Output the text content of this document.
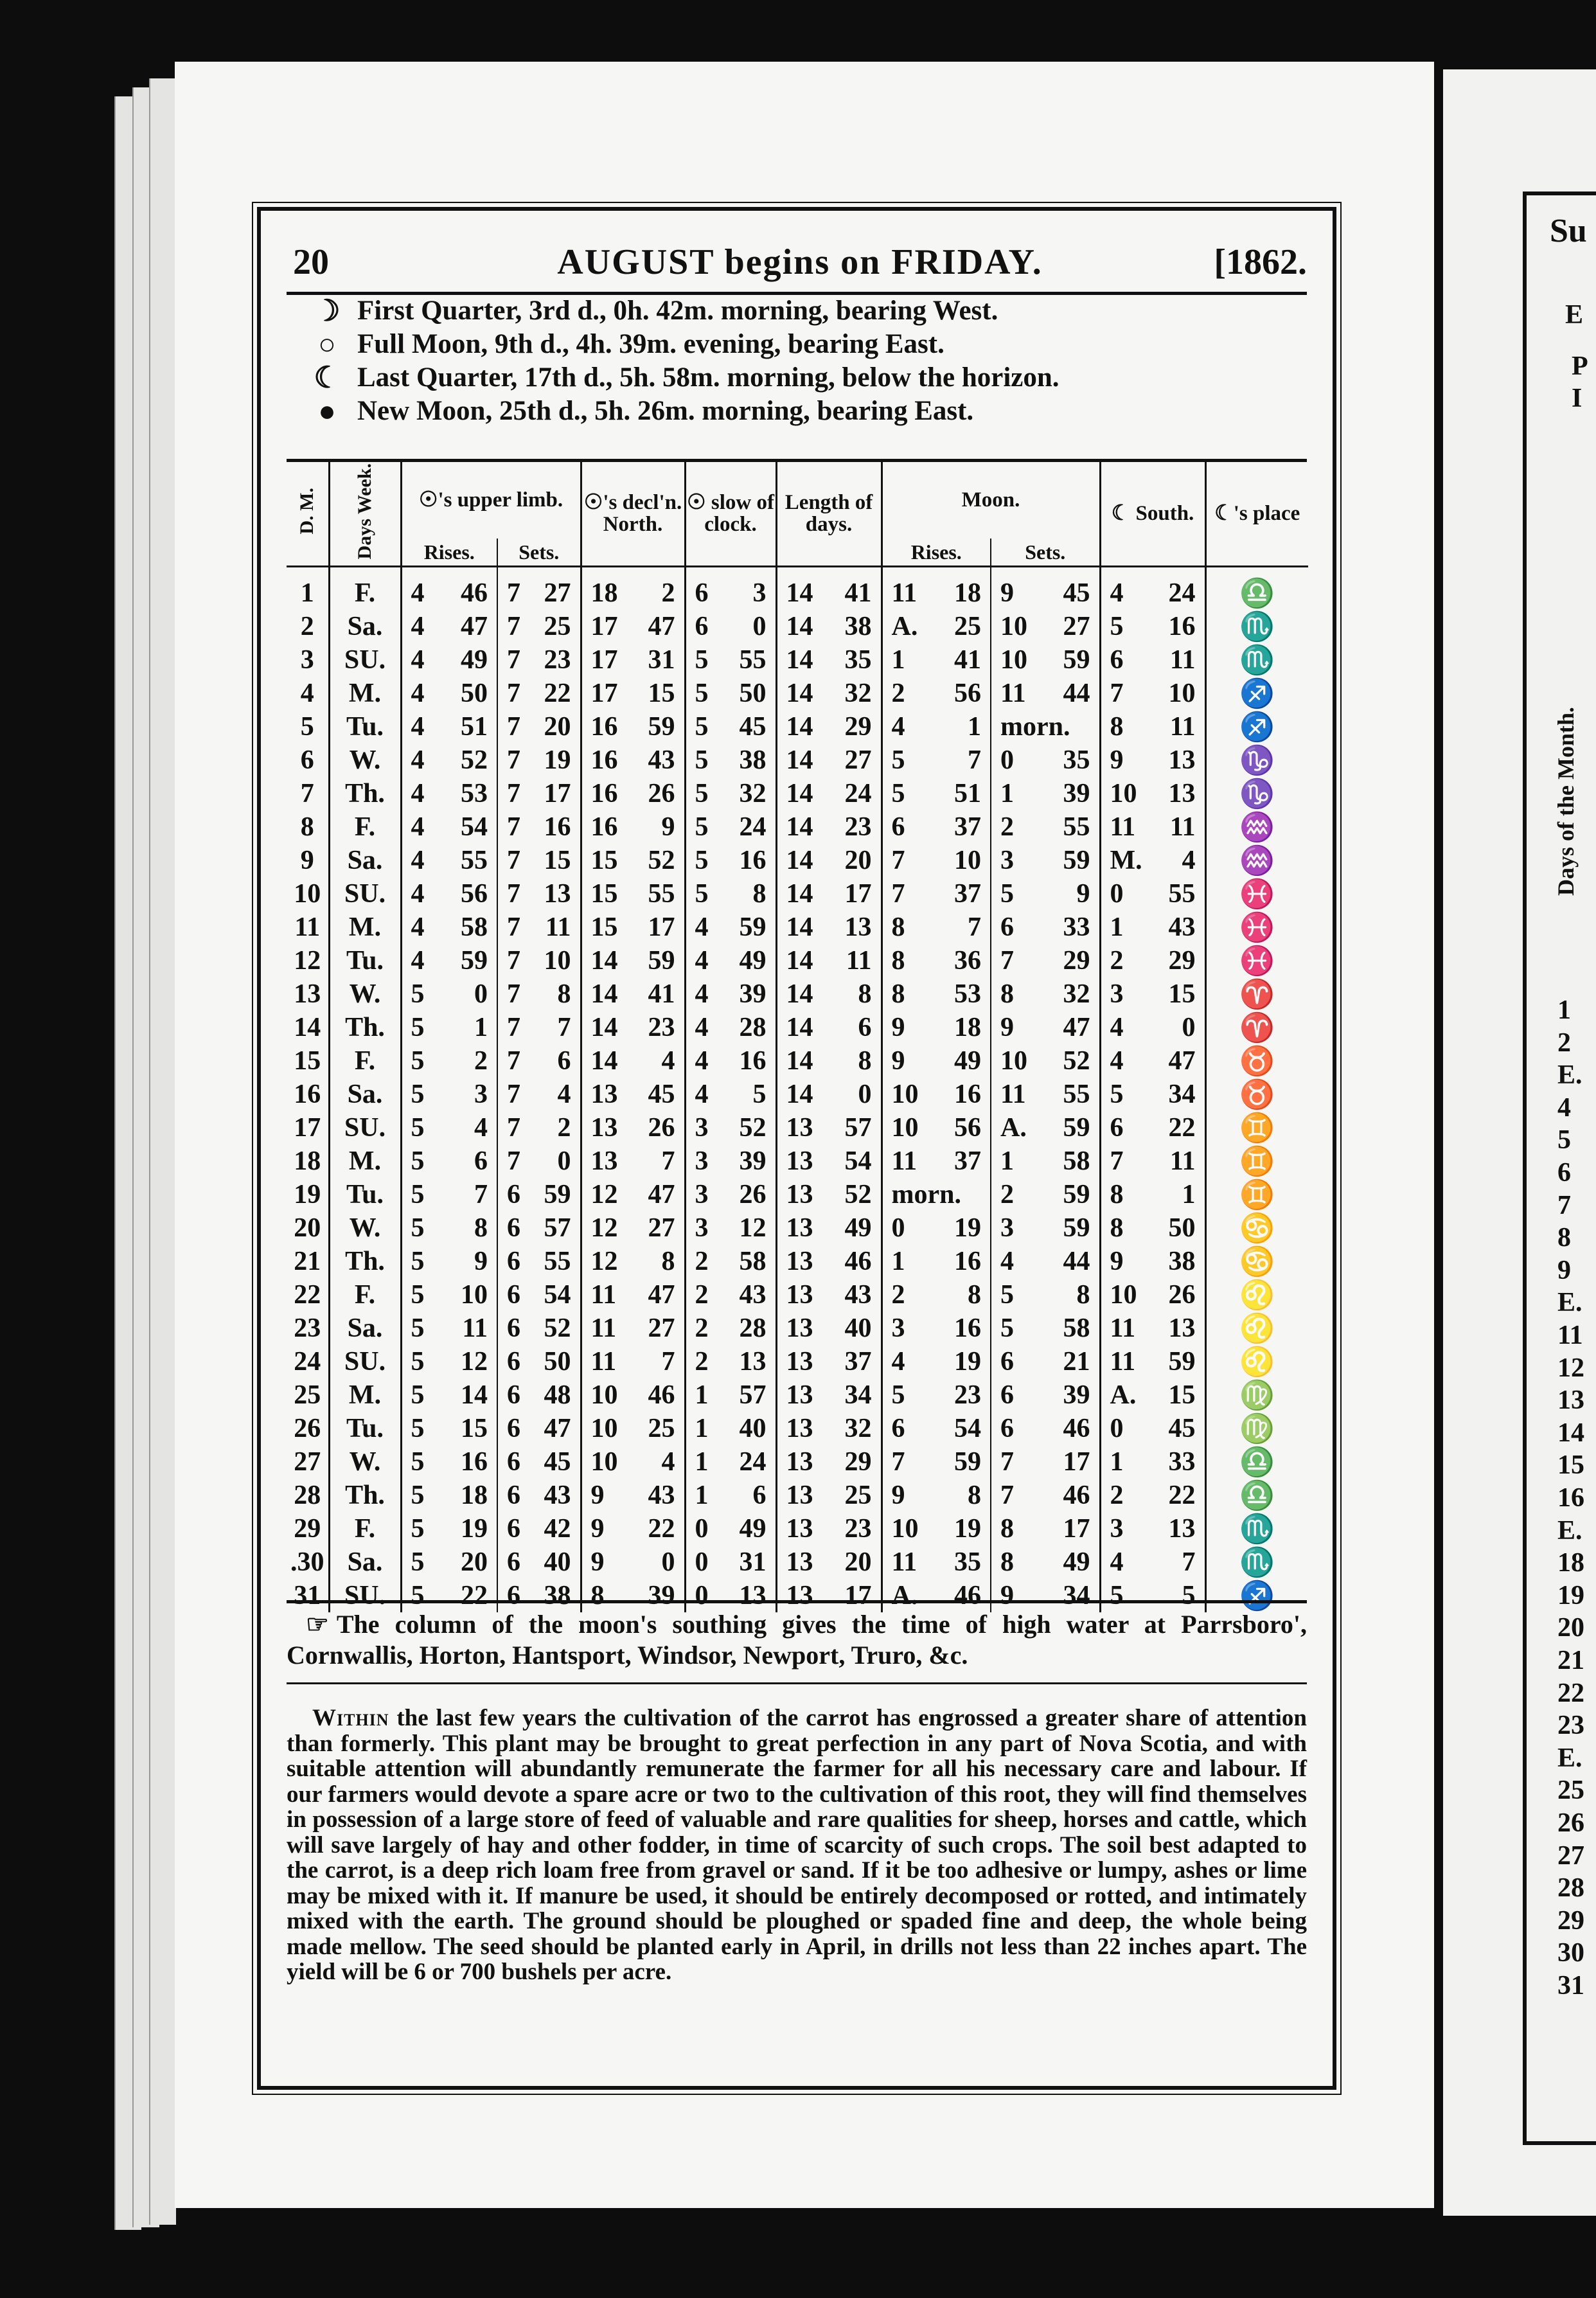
20	AUGUST begins on FRIDAY.	[1862.
☽ First Quarter, 3rd d., 0h. 42m. morning, bearing West.
○ Full Moon, 9th d., 4h. 39m. evening, bearing East.
☾ Last Quarter, 17th d., 5h. 58m. morning, below the horizon.
● New Moon, 25th d., 5h. 26m. morning, bearing East.
D. M.	Days Week.	☉'s upper limb.		☉'s decl'n. North.	☉ slow of clock.	Length of days.	Moon.		☾ South.	☾'s place
		Rises.	Sets.				Rises.	Sets.		
1	F.	4 46	7 27	18 2	6 3	14 41	11 18	9 45	4 24	♎
2	Sa.	4 47	7 25	17 47	6 0	14 38	A. 25	10 27	5 16	♏
3	SU.	4 49	7 23	17 31	5 55	14 35	1 41	10 59	6 11	♏
4	M.	4 50	7 22	17 15	5 50	14 32	2 56	11 44	7 10	♐
5	Tu.	4 51	7 20	16 59	5 45	14 29	4 1	morn.	8 11	♐
6	W.	4 52	7 19	16 43	5 38	14 27	5 7	0 35	9 13	♑
7	Th.	4 53	7 17	16 26	5 32	14 24	5 51	1 39	10 13	♑
8	F.	4 54	7 16	16 9	5 24	14 23	6 37	2 55	11 11	♒
9	Sa.	4 55	7 15	15 52	5 16	14 20	7 10	3 59	M. 4	♒
10	SU.	4 56	7 13	15 55	5 8	14 17	7 37	5 9	0 55	♓
11	M.	4 58	7 11	15 17	4 59	14 13	8 7	6 33	1 43	♓
12	Tu.	4 59	7 10	14 59	4 49	14 11	8 36	7 29	2 29	♓
13	W.	5 0	7 8	14 41	4 39	14 8	8 53	8 32	3 15	♈
14	Th.	5 1	7 7	14 23	4 28	14 6	9 18	9 47	4 0	♈
15	F.	5 2	7 6	14 4	4 16	14 8	9 49	10 52	4 47	♉
16	Sa.	5 3	7 4	13 45	4 5	14 0	10 16	11 55	5 34	♉
17	SU.	5 4	7 2	13 26	3 52	13 57	10 56	A. 59	6 22	♊
18	M.	5 6	7 0	13 7	3 39	13 54	11 37	1 58	7 11	♊
19	Tu.	5 7	6 59	12 47	3 26	13 52	morn.	2 59	8 1	♊
20	W.	5 8	6 57	12 27	3 12	13 49	0 19	3 59	8 50	♋
21	Th.	5 9	6 55	12 8	2 58	13 46	1 16	4 44	9 38	♋
22	F.	5 10	6 54	11 47	2 43	13 43	2 8	5 8	10 26	♌
23	Sa.	5 11	6 52	11 27	2 28	13 40	3 16	5 58	11 13	♌
24	SU.	5 12	6 50	11 7	2 13	13 37	4 19	6 21	11 59	♌
25	M.	5 14	6 48	10 46	1 57	13 34	5 23	6 39	A. 15	♍
26	Tu.	5 15	6 47	10 25	1 40	13 32	6 54	6 46	0 45	♍
27	W.	5 16	6 45	10 4	1 24	13 29	7 59	7 17	1 33	♎
28	Th.	5 18	6 43	9 43	1 6	13 25	9 8	7 46	2 22	♎
29	F.	5 19	6 42	9 22	0 49	13 23	10 19	8 17	3 13	♏
.30	Sa.	5 20	6 40	9 0	0 31	13 20	11 35	8 49	4 7	♏
31	SU.	5 22	6 38	8 39	0 13	13 17	A. 46	9 34	5 5	♐
☞ The column of the moon's southing gives the time of high water at Parrsboro', Cornwallis, Horton, Hantsport, Windsor, Newport, Truro, &c.
Within the last few years the cultivation of the carrot has engrossed a greater share of attention than formerly. This plant may be brought to great perfection in any part of Nova Scotia, and with suitable attention will abundantly remunerate the farmer for all his necessary care and labour. If our farmers would devote a spare acre or two to the cultivation of this root, they will find themselves in possession of a large store of feed of valuable and rare qualities for sheep, horses and cattle, which will save largely of hay and other fodder, in time of scarcity of such crops. The soil best adapted to the carrot, is a deep rich loam free from gravel or sand. If it be too adhesive or lumpy, ashes or lime may be mixed with it. If manure be used, it should be entirely decomposed or rotted, and intimately mixed with the earth. The ground should be ploughed or spaded fine and deep, the whole being made mellow. The seed should be planted early in April, in drills not less than 22 inches apart. The yield will be 6 or 700 bushels per acre.
Su
E
P
I
Days of the Month.
1
2
E.
4
5
6
7
8
9
E.
11
12
13
14
15
16
E.
18
19
20
21
22
23
E.
25
26
27
28
29
30
31
